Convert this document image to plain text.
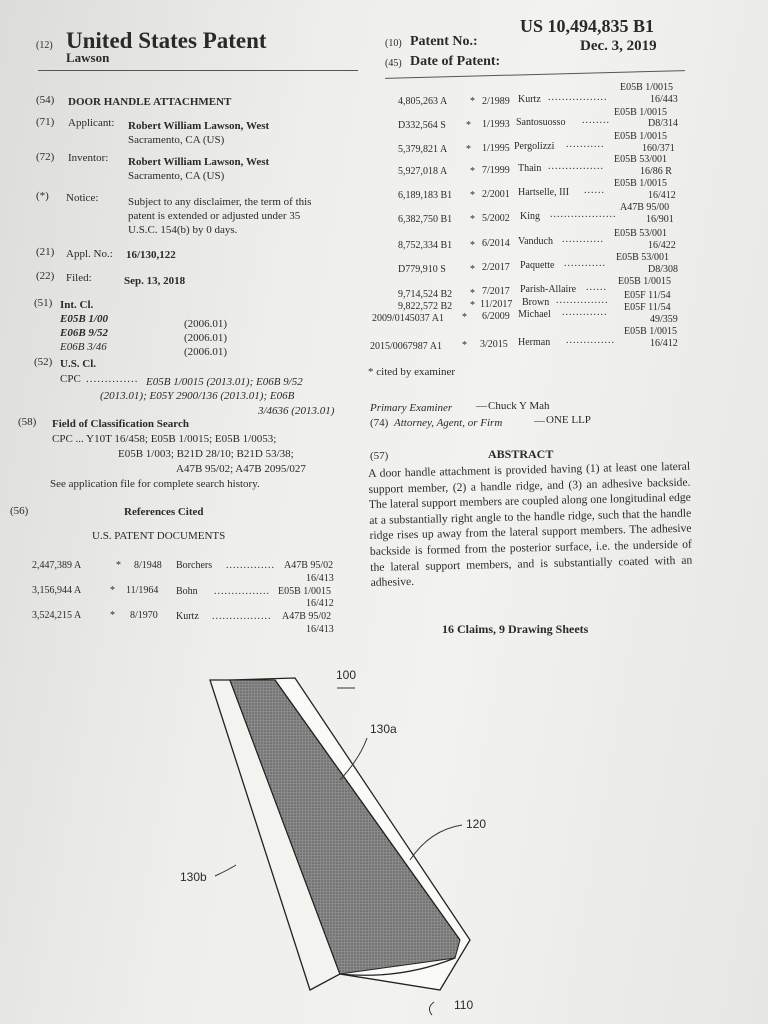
(12) United States Patent
Lawson
(10) Patent No.:
US 10,494,835 B1
(45) Date of Patent:
Dec. 3, 2019
(54) DOOR HANDLE ATTACHMENT
(71) Applicant: Robert William Lawson, West
Sacramento, CA (US)
(72) Inventor: Robert William Lawson, West
Sacramento, CA (US)
(*) Notice:	Subject to any disclaimer, the term of this
patent is extended or adjusted under 35
U.S.C. 154(b) by 0 days.
(21) Appl. No.: 16/130,122
(22) Filed:	Sep. 13, 2018
(51) Int. Cl.
E05B 1/00	(2006.01)
E06B 9/52	(2006.01)
E06B 3/46	(2006.01)
(52) U.S. Cl.
CPC .............. E05B 1/0015 (2013.01); E06B 9/52
(2013.01); E05Y 2900/136 (2013.01); E06B
3/4636 (2013.01)
(58) Field of Classification Search
CPC ... Y10T 16/458; E05B 1/0015; E05B 1/0053;
E05B 1/003; B21D 28/10; B21D 53/38;
A47B 95/02; A47B 2095/027
See application file for complete search history.
(56)	References Cited
U.S. PATENT DOCUMENTS
2,447,389 A	* 8/1948 Borchers .............. A47B 95/02
16/413
3,156,944 A	* 11/1964 Bohn ................ E05B 1/0015
16/412
3,524,215 A	* 8/1970 Kurtz ................. A47B 95/02
16/413
4,805,263 A * 2/1989 Kurtz .................
E05B 1/0015
16/443
D332,564 S * 1/1993 Santosuosso ........
E05B 1/0015
D8/314
5,379,821 A * 1/1995 Pergolizzi ...........
E05B 1/0015
160/371
5,927,018 A * 7/1999 Thain ................
E05B 53/001
16/86 R
6,189,183 B1 * 2/2001 Hartselle, III ......
E05B 1/0015
16/412
6,382,750 B1 * 5/2002 King ...................
A47B 95/00
16/901
8,752,334 B1 * 6/2014 Vanduch ............
E05B 53/001
16/422
D779,910 S * 2/2017 Paquette ............
E05B 53/001
D8/308
9,714,524 B2 * 7/2017 Parish-Allaire ......
E05B 1/0015
9,822,572 B2 * 11/2017 Brown ............... E05F 11/54
2009/0145037 A1 * 6/2009 Michael ............. E05F 11/54
49/359
2015/0067987 A1 * 3/2015 Herman ..............
E05B 1/0015
16/412
* cited by examiner
Primary Examiner — Chuck Y Mah
(74) Attorney, Agent, or Firm	— ONE LLP
(57)	ABSTRACT
A door handle attachment is provided having (1) at least one lateral support member, (2) a handle ridge, and (3) an adhesive backside. The lateral support members are coupled along one longitudinal edge at a substantially right angle to the handle ridge, such that the handle ridge rises up away from the lateral support members. The adhesive backside is formed from the posterior surface, i.e. the underside of the lateral support members, and is substantially coated with an adhesive.
16 Claims, 9 Drawing Sheets
100
130a
120
130b
110
